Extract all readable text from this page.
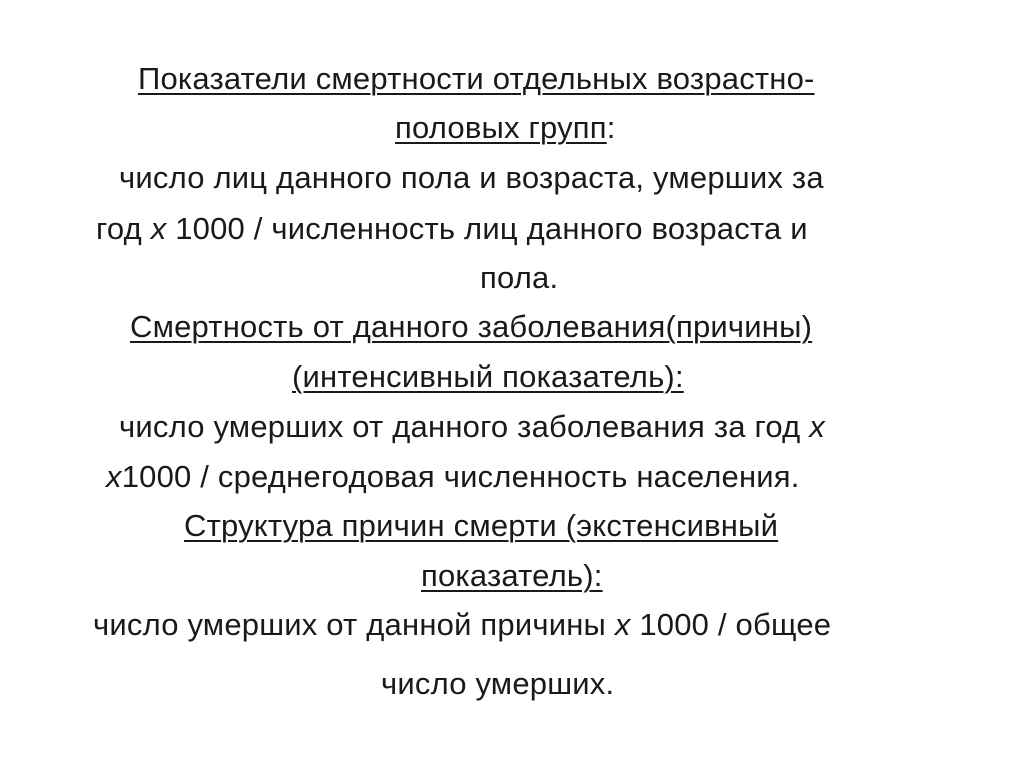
Показатели смертности отдельных возрастно-
половых групп:
число лиц данного пола и возраста, умерших за
год х 1000 / численность лиц данного возраста и
пола.
Смертность от данного заболевания(причины)
(интенсивный показатель):
число умерших от данного заболевания за год х
х1000 / среднегодовая численность населения.
Структура причин смерти (экстенсивный
показатель):
число умерших от данной причины х 1000 / общее
число умерших.
